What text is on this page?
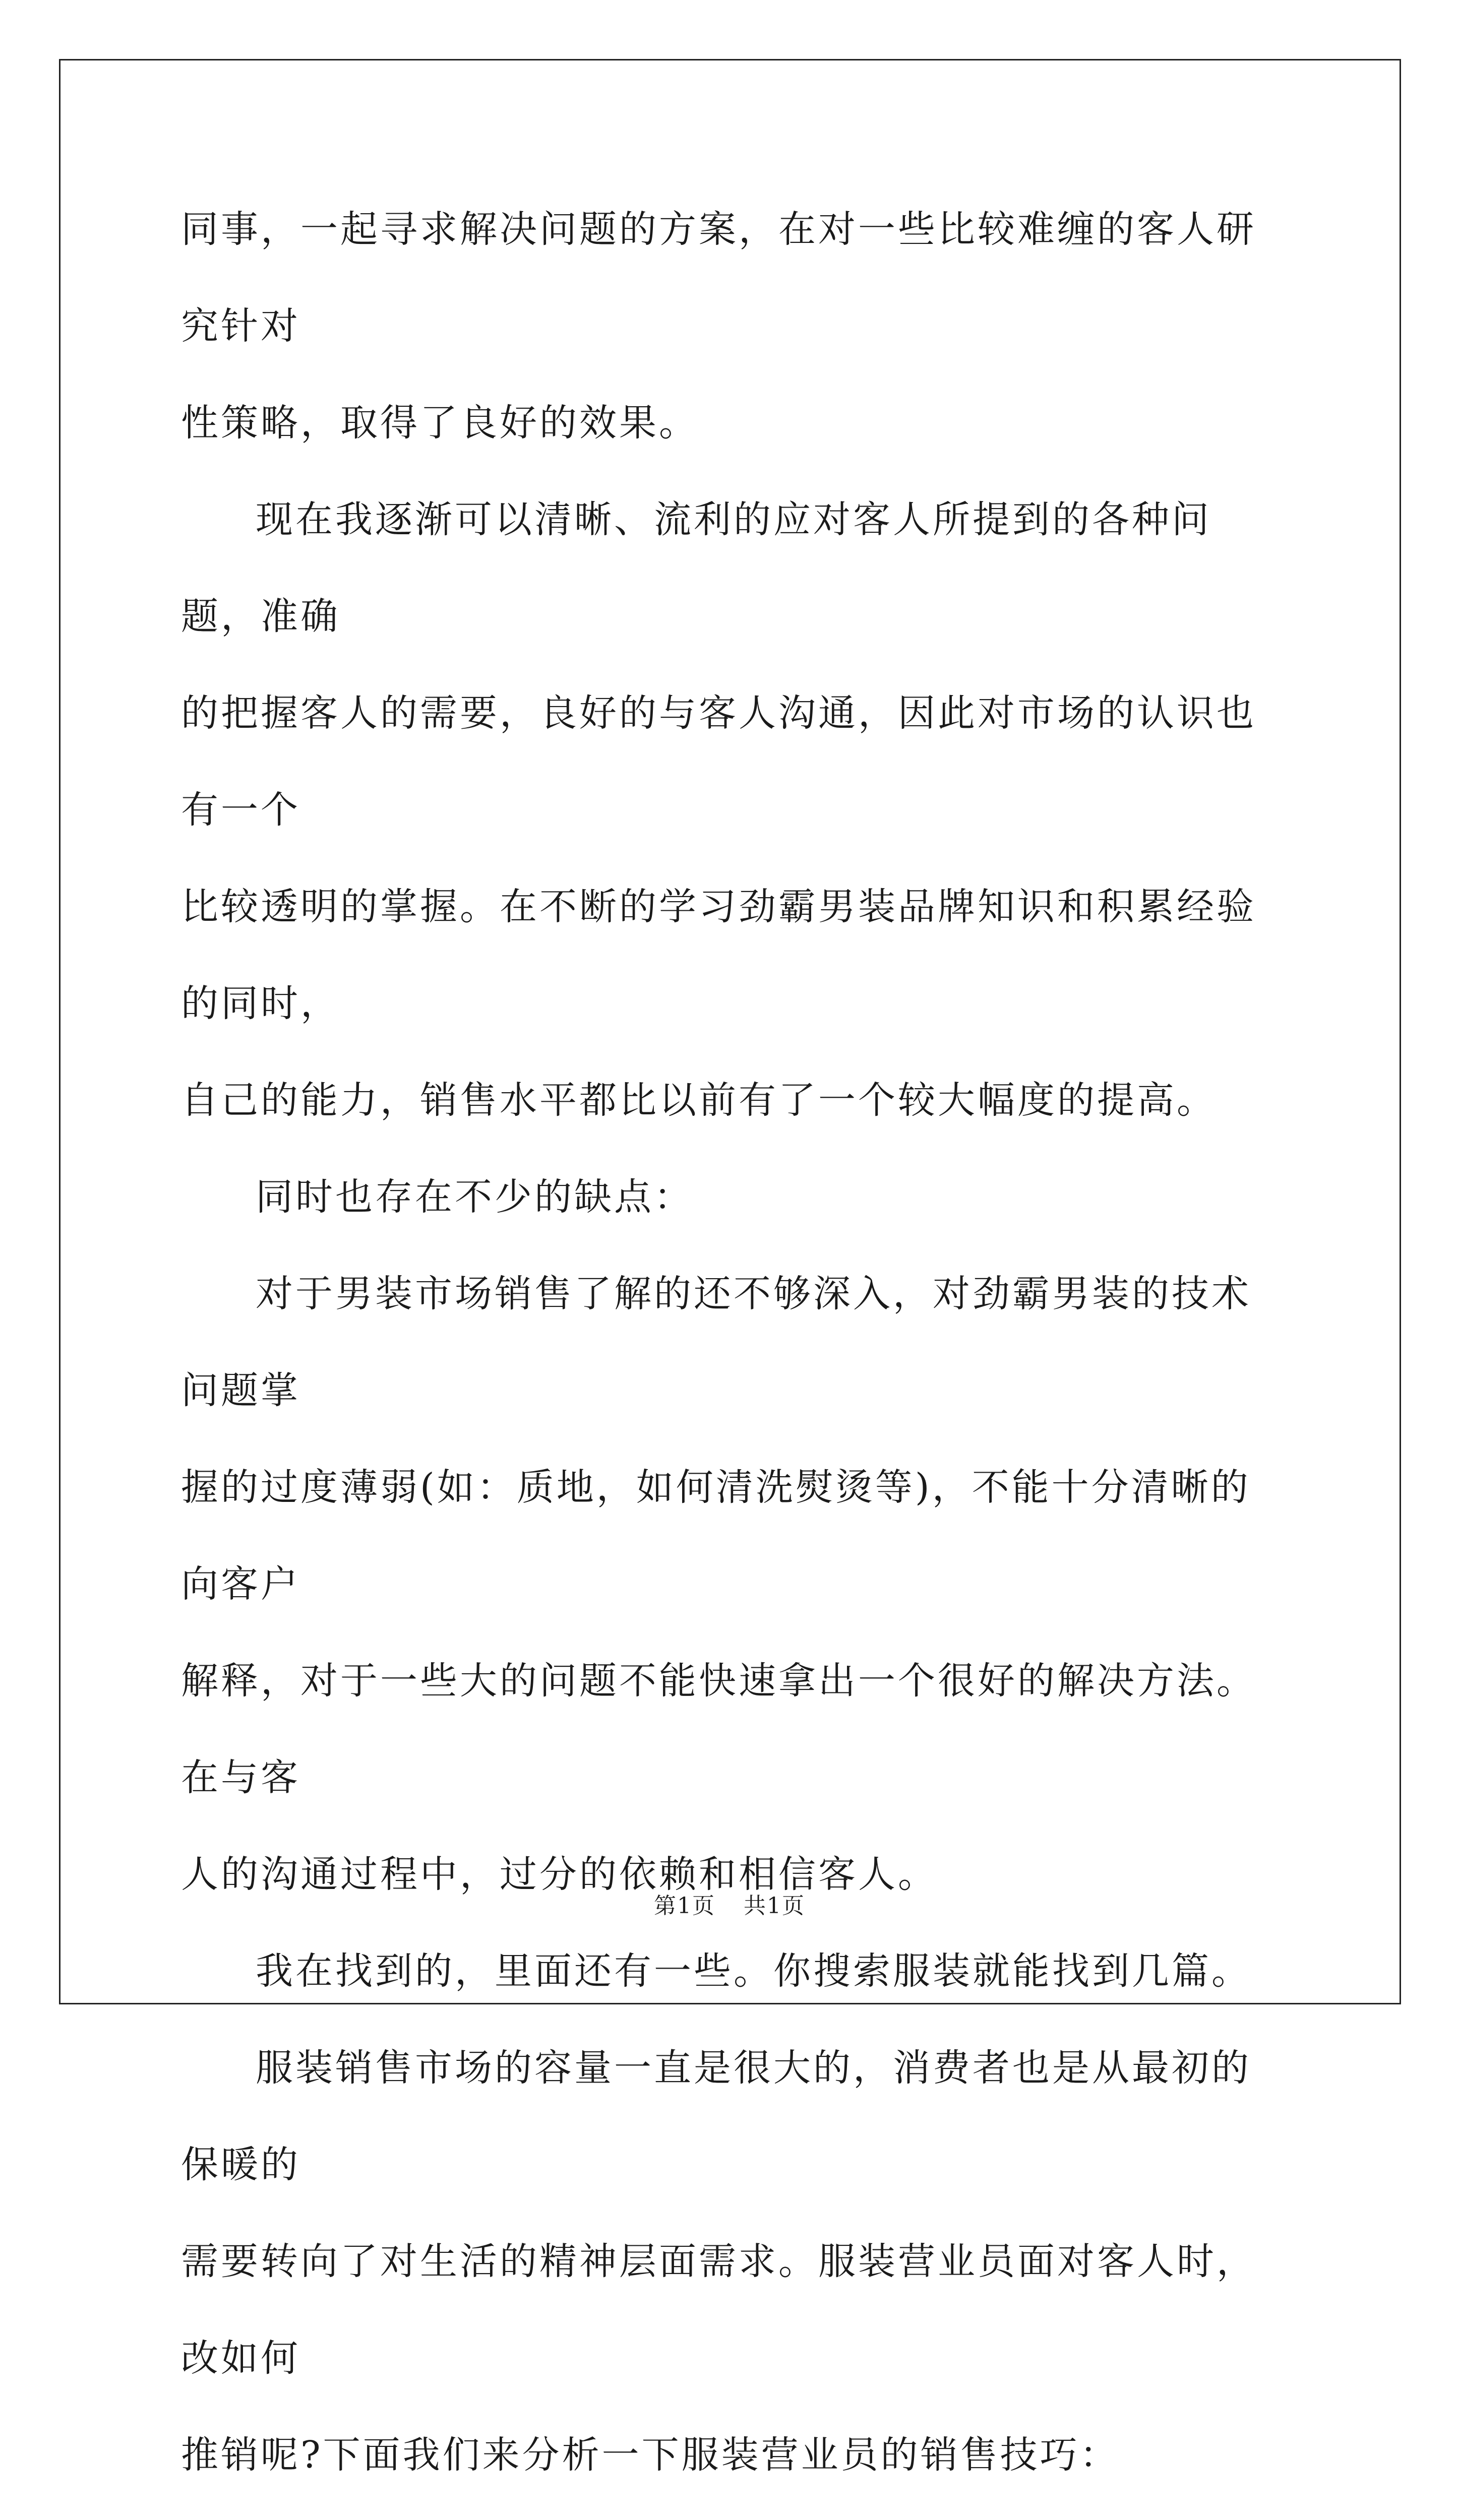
同事，一起寻求解决问题的方案，在对一些比较难缠的客人研究针对
性策略，取得了良好的效果。

现在我逐渐可以清晰、流利的应对客人所提到的各种问题，准确
的把握客人的需要，良好的与客人沟通，因此对市场的认识也有一个
比较透明的掌握。在不断的学习劲霸男装品牌知识和积累经验的同时，
自己的能力，销售水平都比以前有了一个较大幅度的提高。

同时也存在不少的缺点：

对于男装市场销售了解的还不够深入，对劲霸男装的技术问题掌
握的过度薄弱(如：质地，如何清洗熨烫等)，不能十分清晰的向客户
解释，对于一些大的问题不能快速拿出一个很好的解决方法。在与客
人的沟通过程中，过分的依赖和相信客人。

我在找到的，里面还有一些。你搜索服装就能找到几篇。

服装销售市场的容量一直是很大的，消费者也是从最初的保暖的
需要转向了对生活的精神层面需求。服装营业员面对客人时，改如何
推销呢?下面我们来分析一下服装营业员的销售技巧：

第1页 共1页
